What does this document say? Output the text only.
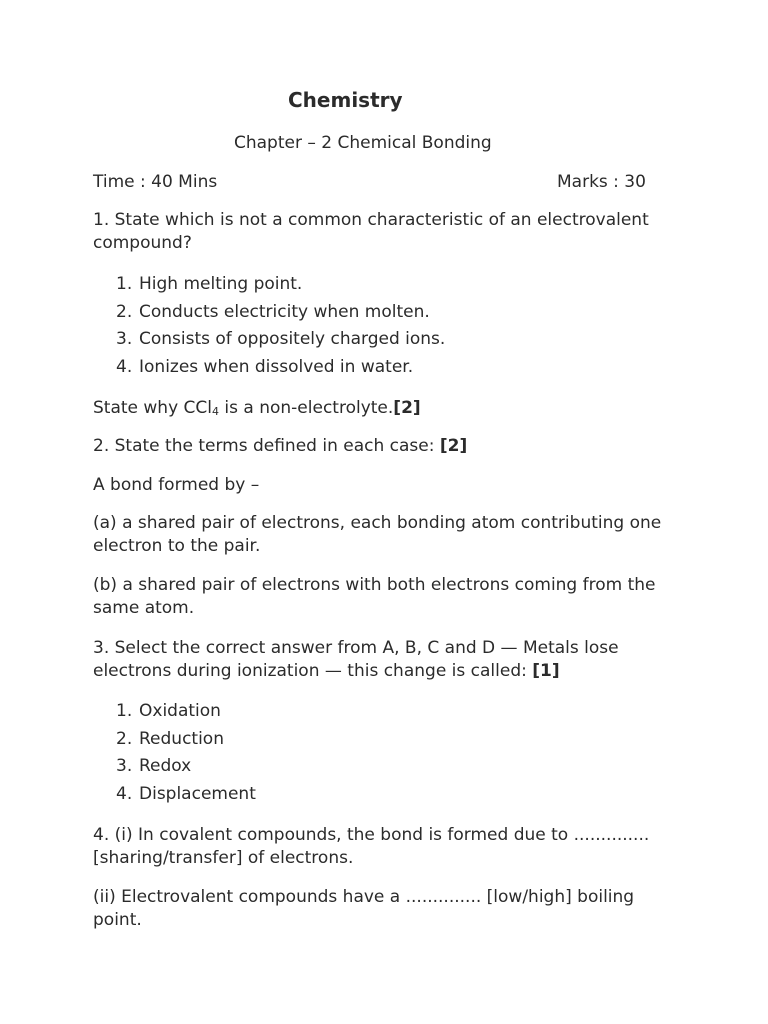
Chemistry

Chapter – 2 Chemical Bonding

Time : 40 Mins	Marks : 30

1. State which is not a common characteristic of an electrovalent compound?

1. High melting point.
2. Conducts electricity when molten.
3. Consists of oppositely charged ions.
4. Ionizes when dissolved in water.

State why CCl$_4$ is a non-electrolyte.[2]

2. State the terms defined in each case: [2]

A bond formed by –

(a) a shared pair of electrons, each bonding atom contributing one electron to the pair.

(b) a shared pair of electrons with both electrons coming from the same atom.

3. Select the correct answer from A, B, C and D — Metals lose electrons during ionization — this change is called: [1]

1. Oxidation
2. Reduction
3. Redox
4. Displacement

4. (i) In covalent compounds, the bond is formed due to .............. [sharing/transfer] of electrons.

(ii) Electrovalent compounds have a .............. [low/high] boiling point.
